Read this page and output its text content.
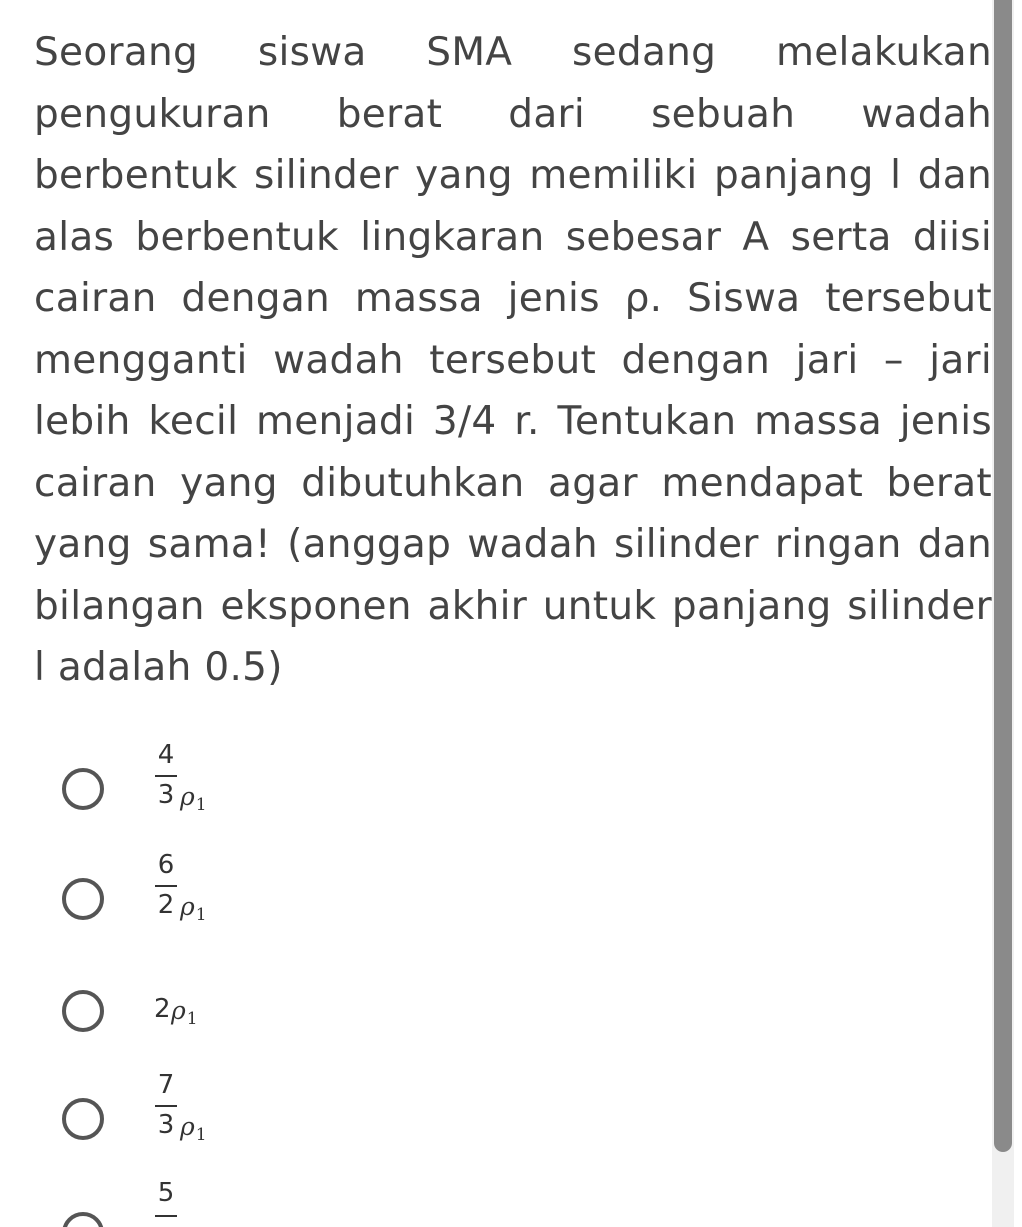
Seorang siswa SMA sedang melakukan pengukuran berat dari sebuah wadah berbentuk silinder yang memiliki panjang l dan alas berbentuk lingkaran sebesar A serta diisi cairan dengan massa jenis ρ. Siswa tersebut mengganti wadah tersebut dengan jari – jari lebih kecil menjadi 3/4 r. Tentukan massa jenis cairan yang dibutuhkan agar mendapat berat yang sama! (anggap wadah silinder ringan dan bilangan eksponen akhir untuk panjang silinder l adalah 0.5)

4
3 $\rho_1$
6
2 $\rho_1$
2 $\rho_1$
7
3 $\rho_1$
5
